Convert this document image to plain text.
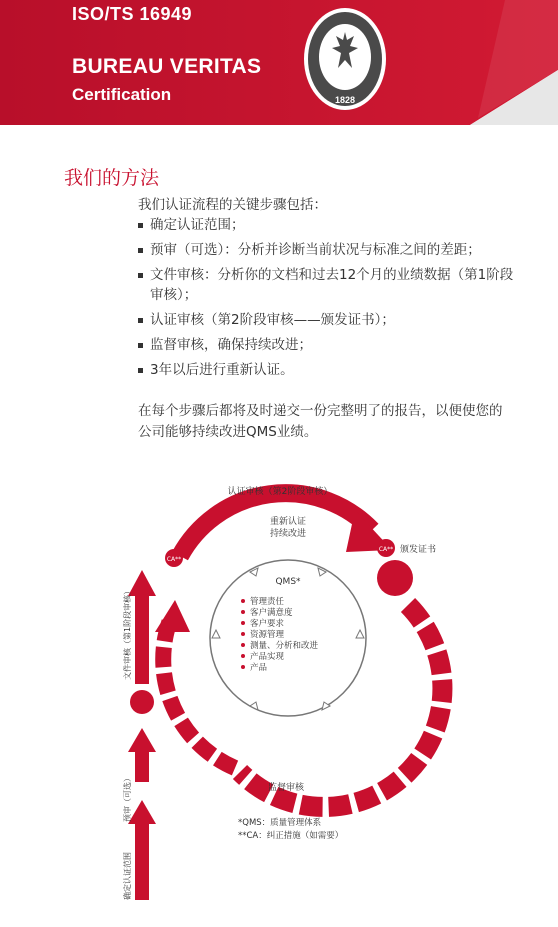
ISO/TS 16949
BUREAU VERITAS
Certification	1828
我们的方法
我们认证流程的关键步骤包括：
确定认证范围；
预审（可选）：分析并诊断当前状况与标准之间的差距；
文件审核：分析你的文档和过去12个月的业绩数据（第1阶段审核）；
认证审核（第2阶段审核——颁发证书）；
监督审核，确保持续改进；
3年以后进行重新认证。
在每个步骤后都将及时递交一份完整明了的报告，以便使您的公司能够持续改进QMS业绩。
CA**
CA**
认证审核（第2阶段审核）
颁发证书
重新认证
持续改进
QMS*
管理责任
客户满意度
客户要求
资源管理
测量、分析和改进
产品实现
产品
监督审核
文件审核（第1阶段审核）
预审（可选）
确定认证范围
*QMS：质量管理体系
**CA：纠正措施（如需要）
